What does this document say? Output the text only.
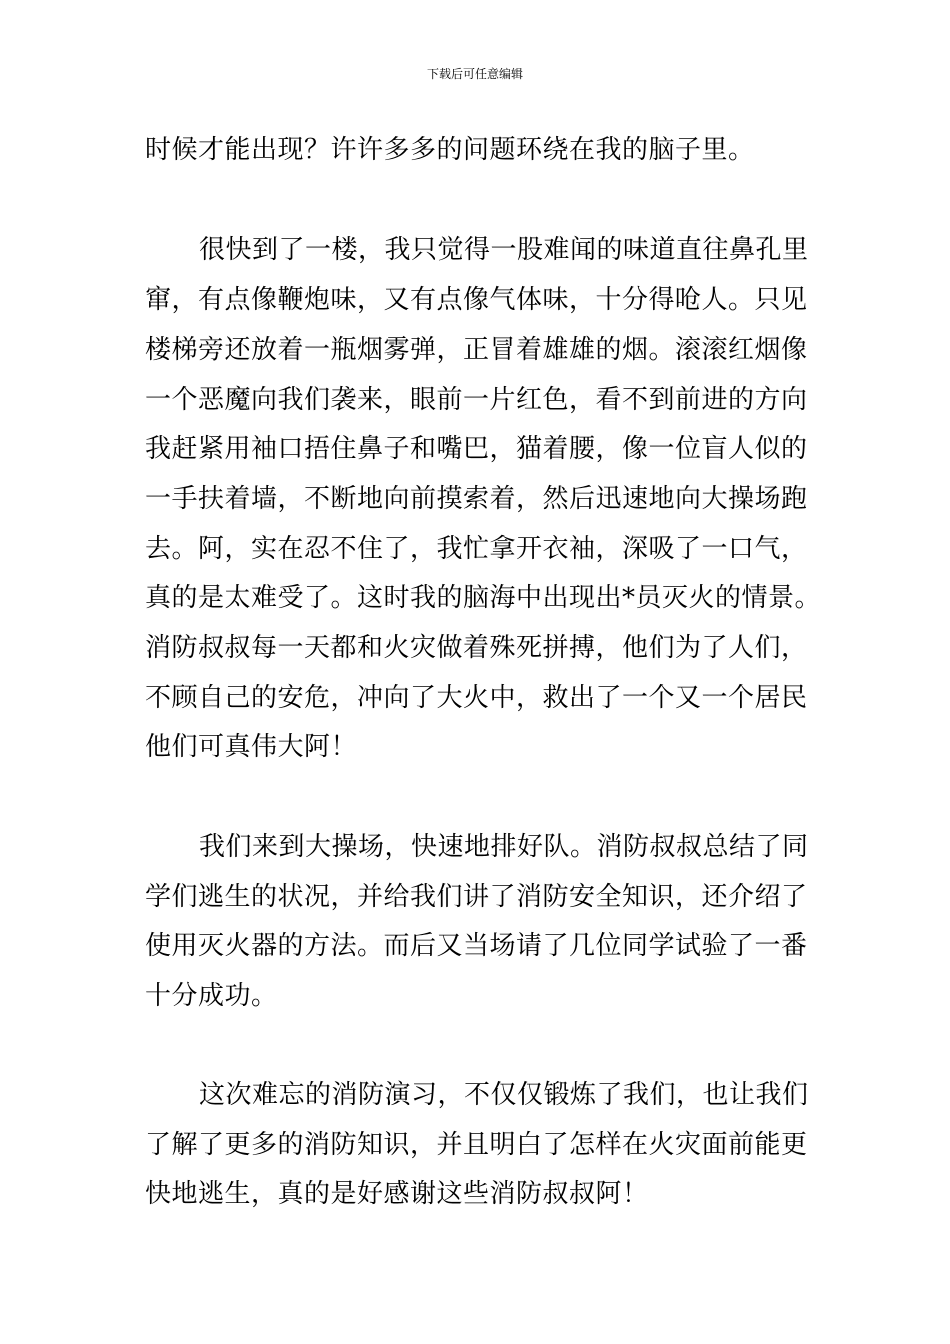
下载后可任意编辑
时候才能出现？许许多多的问题环绕在我的脑子里。
很快到了一楼，我只觉得一股难闻的味道直往鼻孔里
窜，有点像鞭炮味，又有点像气体味，十分得呛人。只见
楼梯旁还放着一瓶烟雾弹，正冒着雄雄的烟。滚滚红烟像
一个恶魔向我们袭来，眼前一片红色，看不到前进的方向
我赶紧用袖口捂住鼻子和嘴巴，猫着腰，像一位盲人似的
一手扶着墙，不断地向前摸索着，然后迅速地向大操场跑
去。阿，实在忍不住了，我忙拿开衣袖，深吸了一口气，
真的是太难受了。这时我的脑海中出现出*员灭火的情景。
消防叔叔每一天都和火灾做着殊死拼搏，他们为了人们，
不顾自己的安危，冲向了大火中，救出了一个又一个居民
他们可真伟大阿！
我们来到大操场，快速地排好队。消防叔叔总结了同
学们逃生的状况，并给我们讲了消防安全知识，还介绍了
使用灭火器的方法。而后又当场请了几位同学试验了一番
十分成功。
这次难忘的消防演习，不仅仅锻炼了我们，也让我们
了解了更多的消防知识，并且明白了怎样在火灾面前能更
快地逃生，真的是好感谢这些消防叔叔阿！
